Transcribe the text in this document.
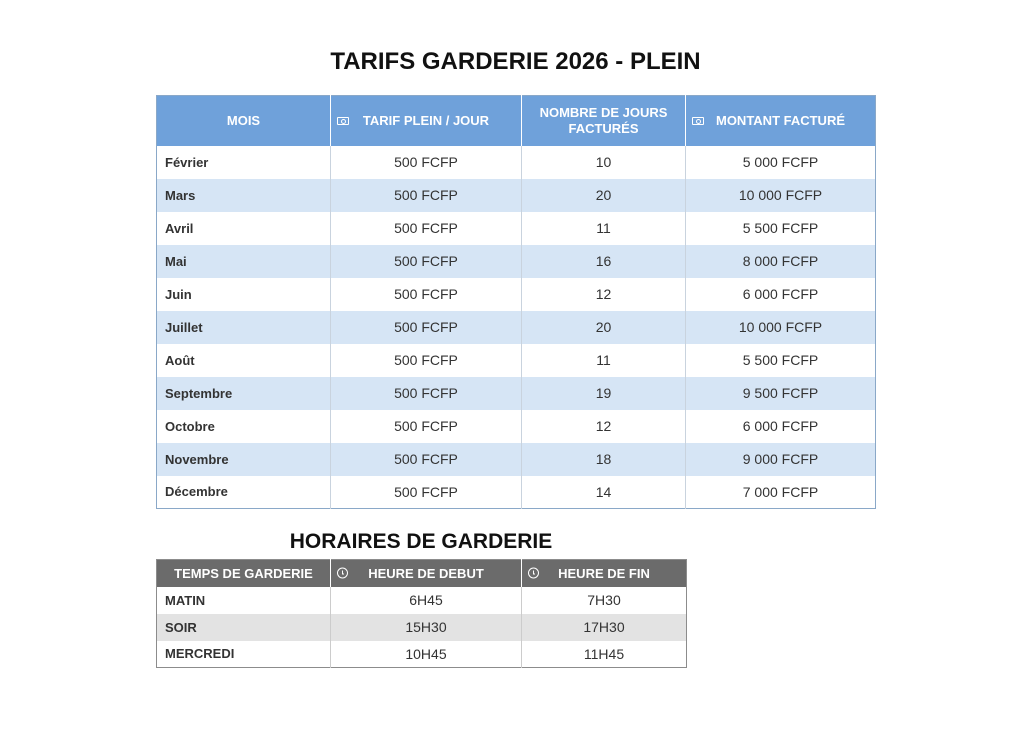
TARIFS GARDERIE 2026 - PLEIN
MOIS	TARIF PLEIN / JOUR	NOMBRE DE JOURS FACTURÉS	MONTANT FACTURÉ

Février	500 FCFP	10	5 000 FCFP
Mars	500 FCFP	20	10 000 FCFP
Avril	500 FCFP	11	5 500 FCFP
Mai	500 FCFP	16	8 000 FCFP
Juin	500 FCFP	12	6 000 FCFP
Juillet	500 FCFP	20	10 000 FCFP
Août	500 FCFP	11	5 500 FCFP
Septembre	500 FCFP	19	9 500 FCFP
Octobre	500 FCFP	12	6 000 FCFP
Novembre	500 FCFP	18	9 000 FCFP
Décembre	500 FCFP	14	7 000 FCFP
HORAIRES DE GARDERIE
TEMPS DE GARDERIE	HEURE DE DEBUT	HEURE DE FIN

MATIN	6H45	7H30
SOIR	15H30	17H30
MERCREDI	10H45	11H45
